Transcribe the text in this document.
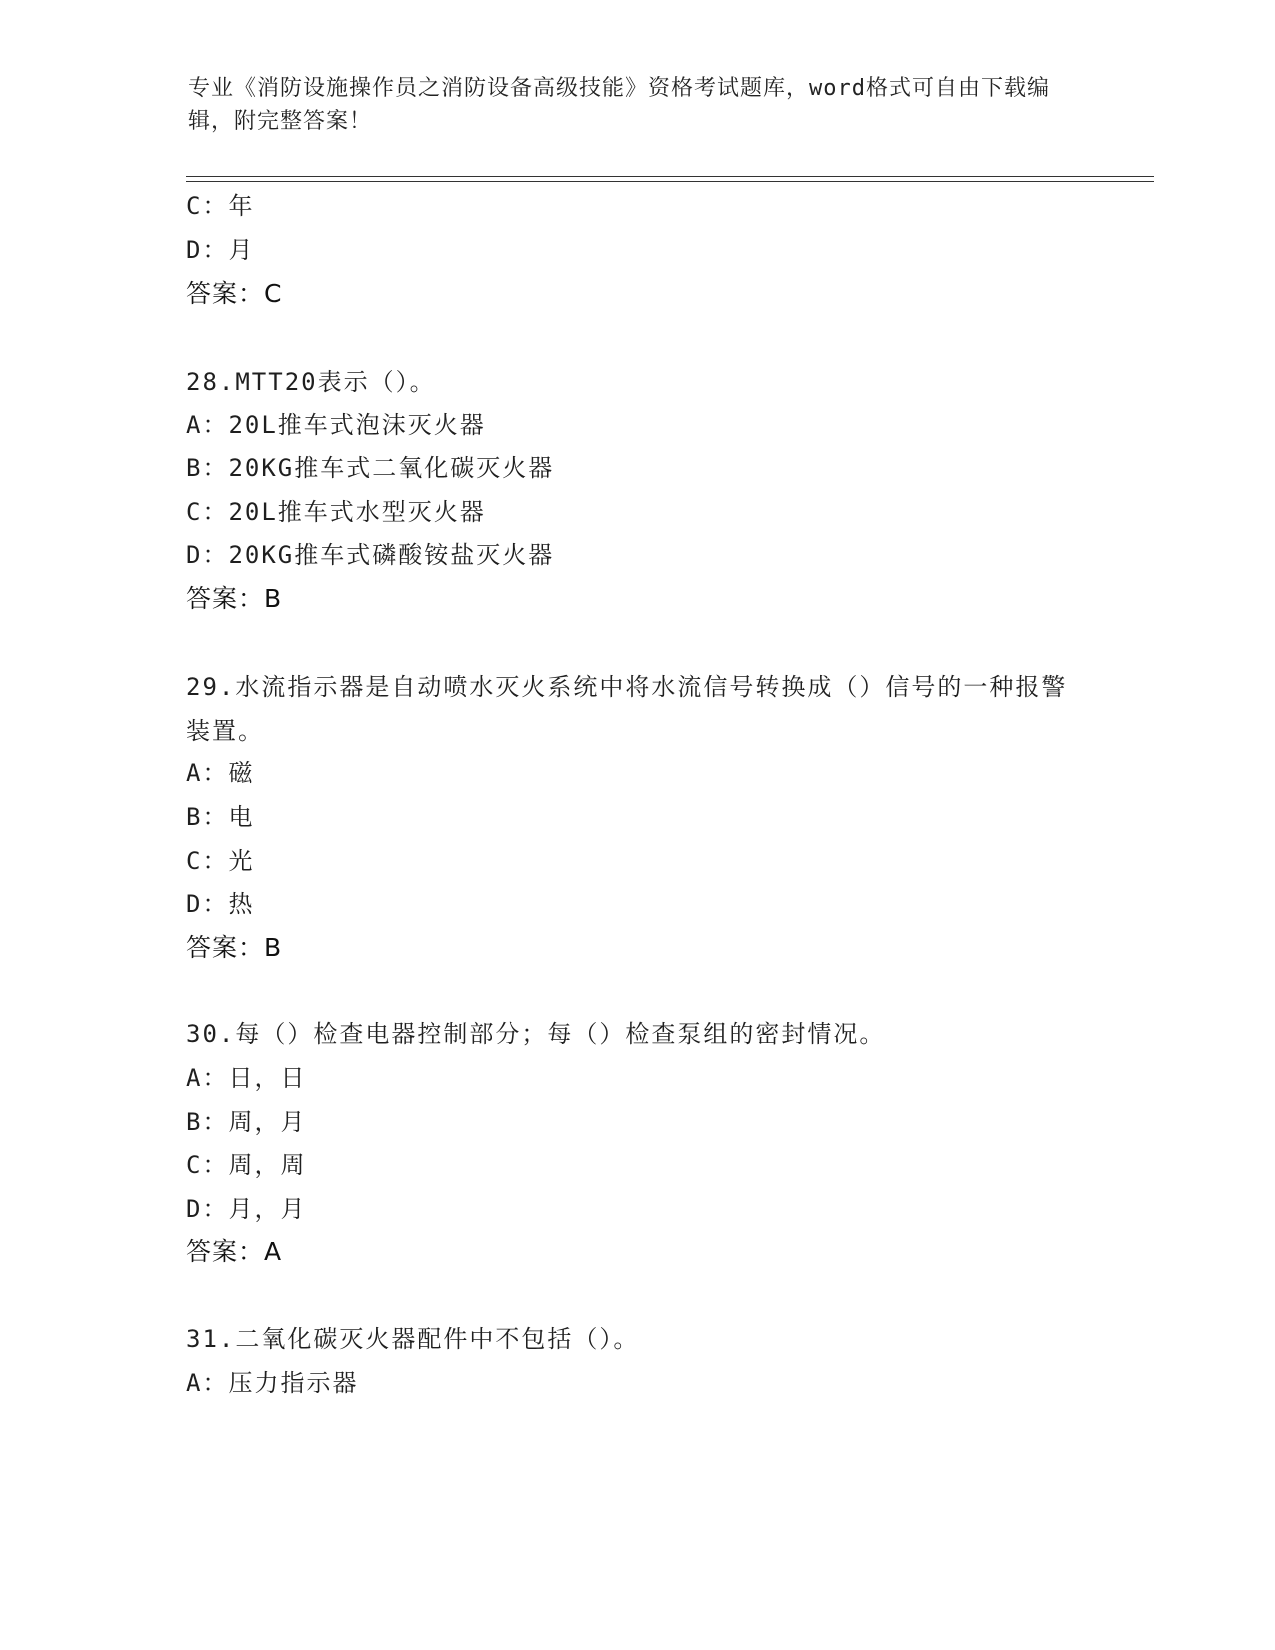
专业《消防设施操作员之消防设备高级技能》资格考试题库，word格式可自由下载编辑，附完整答案！
C：年
D：月
答案：C
28.MTT20表示（）。
A：20L推车式泡沫灭火器
B：20KG推车式二氧化碳灭火器
C：20L推车式水型灭火器
D：20KG推车式磷酸铵盐灭火器
答案：B
29.水流指示器是自动喷水灭火系统中将水流信号转换成（）信号的一种报警装置。
A：磁
B：电
C：光
D：热
答案：B
30.每（）检查电器控制部分；每（）检查泵组的密封情况。
A：日，日
B：周，月
C：周，周
D：月，月
答案：A
31.二氧化碳灭火器配件中不包括（）。
A：压力指示器
